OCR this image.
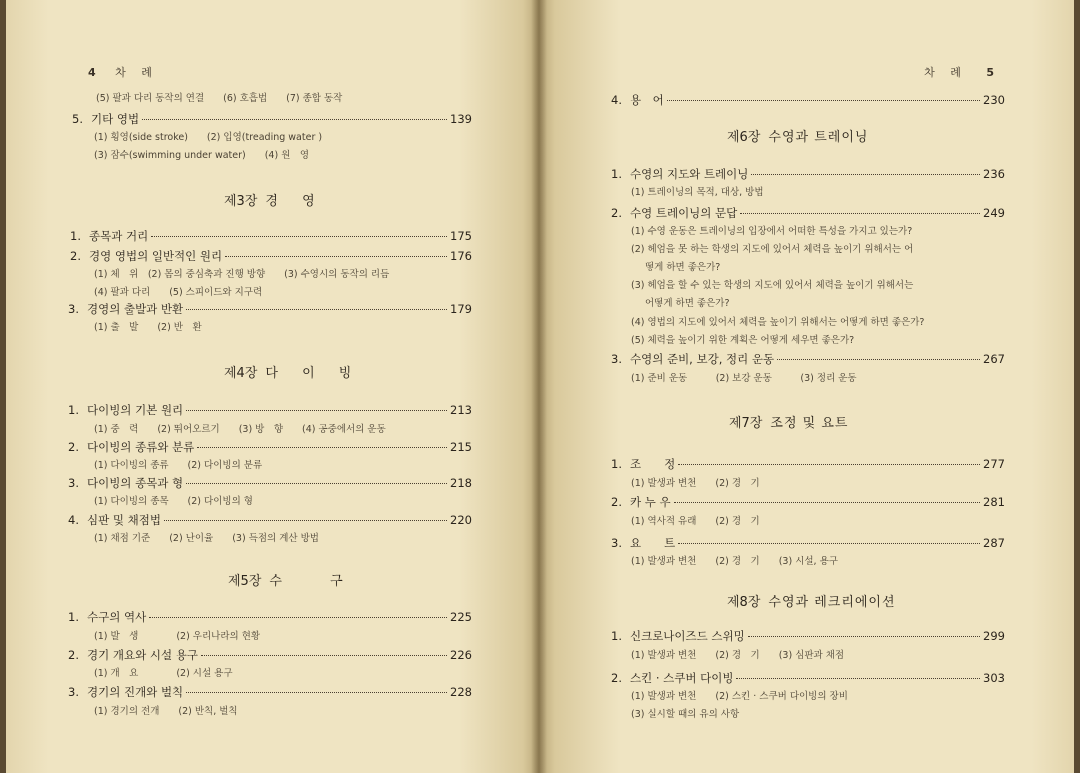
4 차 례
(5) 팔과 다리 동작의 연결　　(6) 호흡법　　(7) 종합 동작
5. 기타 영법	139
(1) 횡영(side stroke)　　(2) 입영(treading water )
(3) 잠수(swimming under water)　　(4) 원　영
제3장 경 영
1. 종목과 거리	175
2. 경영 영법의 일반적인 원리	176
(1) 체　위　(2) 몸의 중심축과 진행 방향　　(3) 수영시의 동작의 리듬
(4) 팔과 다리　　(5) 스피이드와 지구력
3. 경영의 출발과 반환	179
(1) 출　발　　(2) 반　환
제4장 다 이 빙
1. 다이빙의 기본 원리	213
(1) 중　력　　(2) 뛰어오르기　　(3) 방　향　　(4) 공중에서의 운동
2. 다이빙의 종류와 분류	215
(1) 다이빙의 종류　　(2) 다이빙의 분류
3. 다이빙의 종목과 형	218
(1) 다이빙의 종목　　(2) 다이빙의 형
4. 심판 및 채점법	220
(1) 채점 기준　　(2) 난이율　　(3) 득점의 계산 방법
제5장 수 구
1. 수구의 역사	225
(1) 발　생　　　　(2) 우리나라의 현황
2. 경기 개요와 시설 용구	226
(1) 개　요　　　　(2) 시설 용구
3. 경기의 진개와 벌칙	228
(1) 경기의 전개　　(2) 반칙, 벌칙
차 례 5
4. 용　어	230
제6장 수영과 트레이닝
1. 수영의 지도와 트레이닝	236
(1) 트레이닝의 목적, 대상, 방법
2. 수영 트레이닝의 문답	249
(1) 수영 운동은 트레이닝의 입장에서 어떠한 특성을 가지고 있는가?
(2) 헤엄을 못 하는 학생의 지도에 있어서 체력을 높이기 위해서는 어
떻게 하면 좋은가?
(3) 헤엄을 할 수 있는 학생의 지도에 있어서 체력을 높이기 위해서는
어떻게 하면 좋은가?
(4) 영법의 지도에 있어서 체력을 높이기 위해서는 어떻게 하면 좋은가?
(5) 체력을 높이기 위한 계획은 어떻게 세우면 좋은가?
3. 수영의 준비, 보강, 정리 운동	267
(1) 준비 운동　　　(2) 보강 운동　　　(3) 정리 운동
제7장 조정 및 요트
1. 조　　정	277
(1) 발생과 변천　　(2) 경　기
2. 카 누 우	281
(1) 역사적 유래　　(2) 경　기
3. 요　　트	287
(1) 발생과 변천　　(2) 경　기　　(3) 시설, 용구
제8장 수영과 레크리에이션
1. 신크로나이즈드 스위밍	299
(1) 발생과 변천　　(2) 경　기　　(3) 심판과 채점
2. 스킨 · 스쿠버 다이빙	303
(1) 발생과 변천　　(2) 스킨 · 스쿠버 다이빙의 장비
(3) 실시할 때의 유의 사항
